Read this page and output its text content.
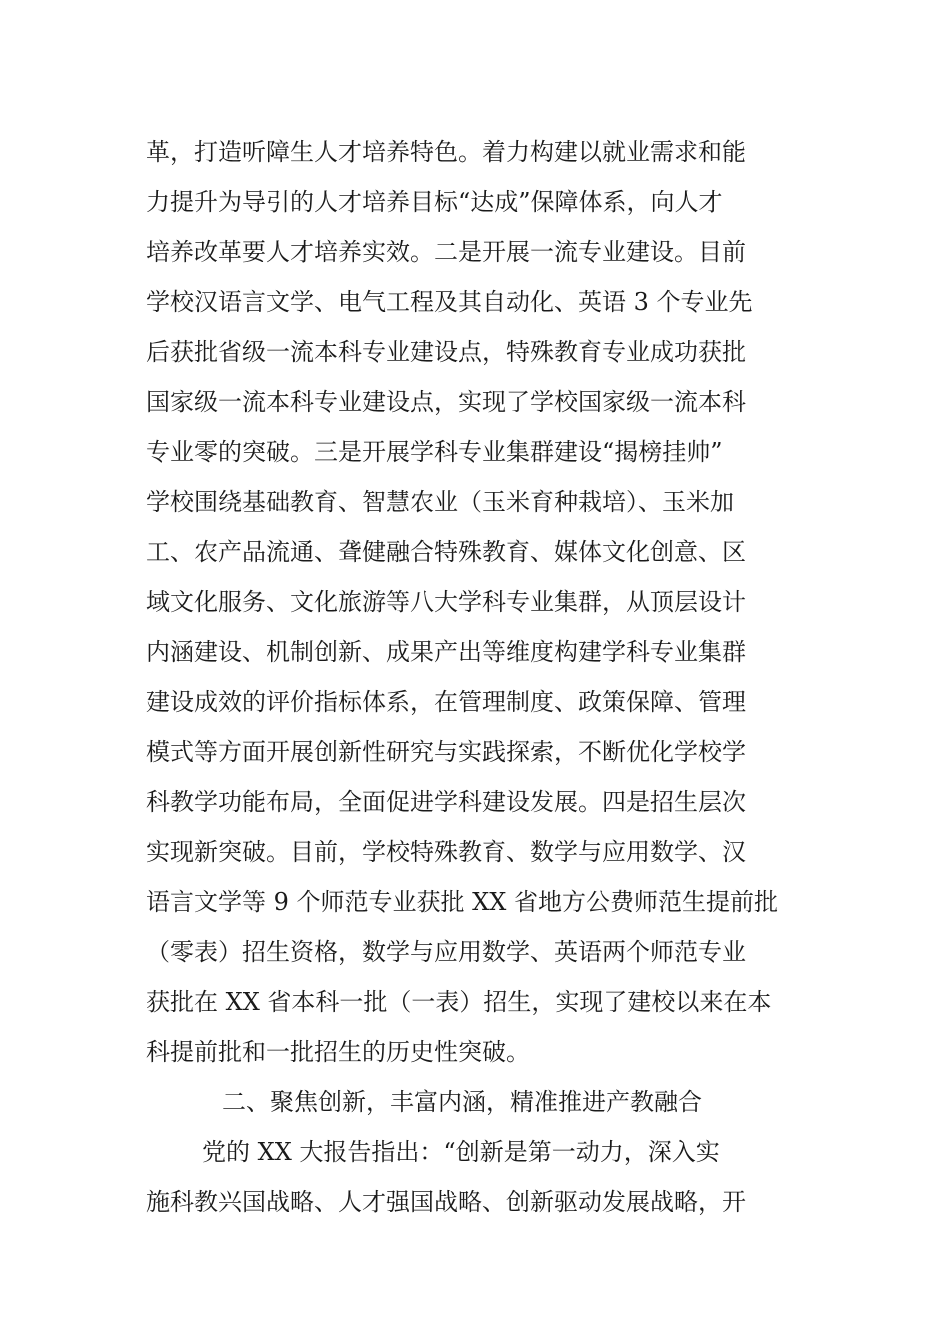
革，打造听障生人才培养特色。着力构建以就业需求和能
力提升为导引的人才培养目标“达成”保障体系，向人才
培养改革要人才培养实效。二是开展一流专业建设。目前
学校汉语言文学、电气工程及其自动化、英语 3 个专业先
后获批省级一流本科专业建设点，特殊教育专业成功获批
国家级一流本科专业建设点，实现了学校国家级一流本科
专业零的突破。三是开展学科专业集群建设“揭榜挂帅”
学校围绕基础教育、智慧农业（玉米育种栽培）、玉米加
工、农产品流通、聋健融合特殊教育、媒体文化创意、区
域文化服务、文化旅游等八大学科专业集群，从顶层设计
内涵建设、机制创新、成果产出等维度构建学科专业集群
建设成效的评价指标体系，在管理制度、政策保障、管理
模式等方面开展创新性研究与实践探索，不断优化学校学
科教学功能布局，全面促进学科建设发展。四是招生层次
实现新突破。目前，学校特殊教育、数学与应用数学、汉
语言文学等 9 个师范专业获批 XX 省地方公费师范生提前批
（零表）招生资格，数学与应用数学、英语两个师范专业
获批在 XX 省本科一批（一表）招生，实现了建校以来在本
科提前批和一批招生的历史性突破。
二、聚焦创新，丰富内涵，精准推进产教融合
党的 XX 大报告指出：“创新是第一动力，深入实
施科教兴国战略、人才强国战略、创新驱动发展战略，开
